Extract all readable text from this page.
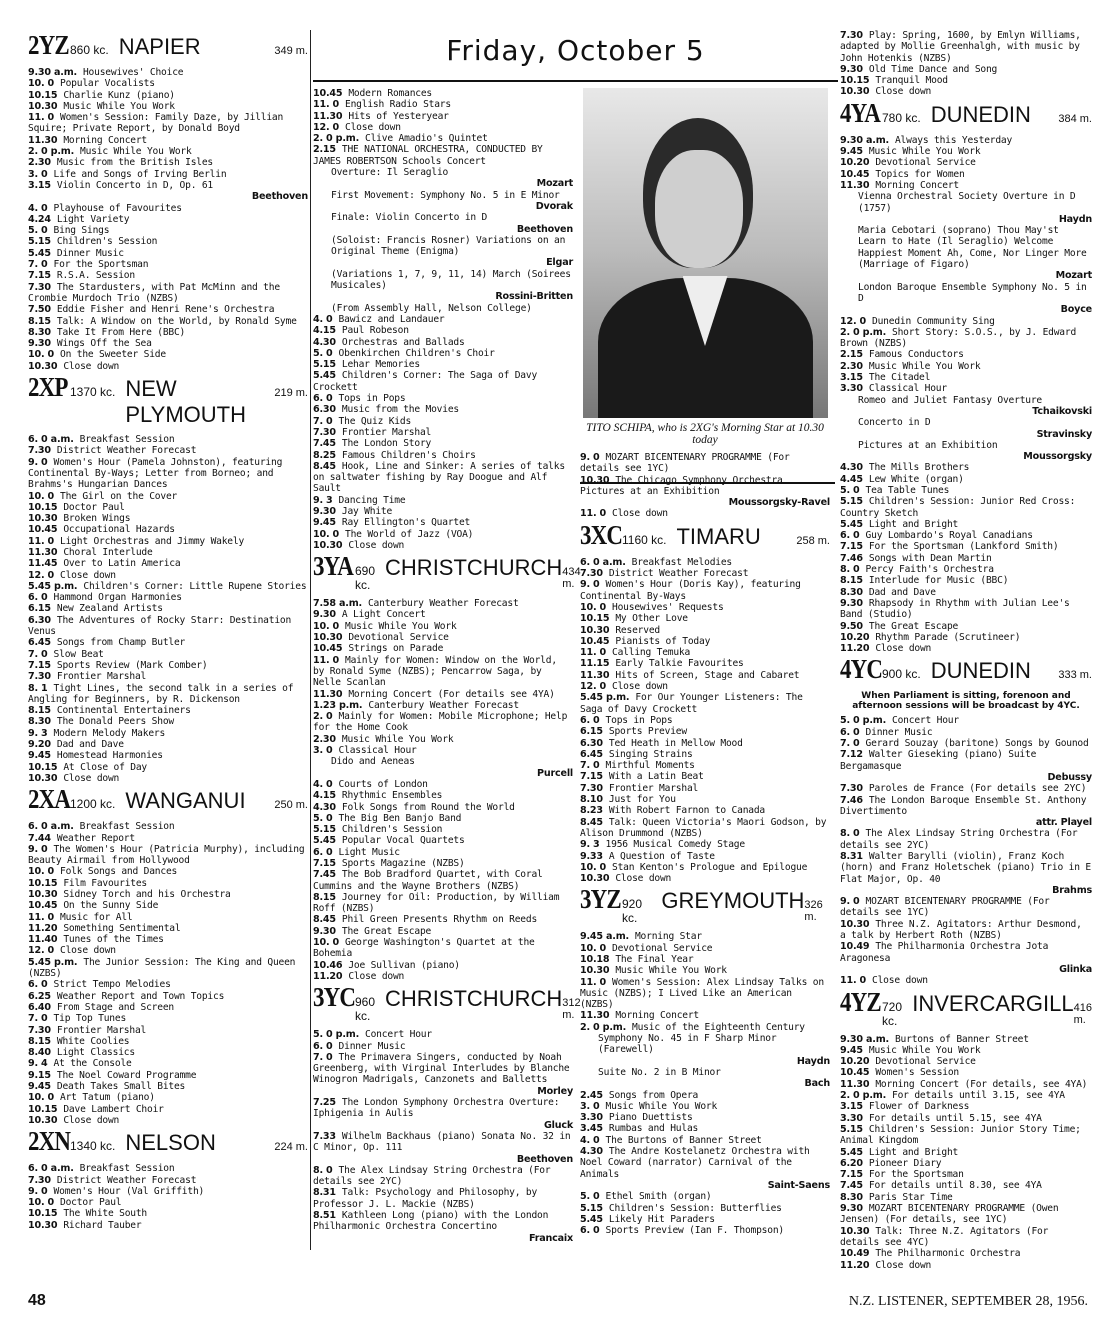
Friday, October 5
2YZ 860 kc. NAPIER	349 m.
9.30 a.m. Housewives' Choice
10. 0 Popular Vocalists
10.15 Charlie Kunz (piano)
10.30 Music While You Work
11. 0 Women's Session: Family Daze, by Jillian Squire; Private Report, by Donald Boyd
11.30 Morning Concert
2. 0 p.m. Music While You Work
2.30 Music from the British Isles
3. 0 Life and Songs of Irving Berlin
3.15 Violin Concerto in D, Op. 61
Beethoven
4. 0 Playhouse of Favourites
4.24 Light Variety
5. 0 Bing Sings
5.15 Children's Session
5.45 Dinner Music
7. 0 For the Sportsman
7.15 R.S.A. Session
7.30 The Stardusters, with Pat McMinn and the Crombie Murdoch Trio (NZBS)
7.50 Eddie Fisher and Henri Rene's Orchestra
8.15 Talk: A Window on the World, by Ronald Syme
8.30 Take It From Here (BBC)
9.30 Wings Off the Sea
10. 0 On the Sweeter Side
10.30 Close down
2XP 1370 kc. NEW PLYMOUTH
219 m.
6. 0 a.m. Breakfast Session
7.30 District Weather Forecast
9. 0 Women's Hour (Pamela Johnston), featuring Continental By-Ways; Letter from Borneo; and Brahms's Hungarian Dances
10. 0 The Girl on the Cover
10.15 Doctor Paul
10.30 Broken Wings
10.45 Occupational Hazards
11. 0 Light Orchestras and Jimmy Wakely
11.30 Choral Interlude
11.45 Over to Latin America
12. 0 Close down
5.45 p.m. Children's Corner: Little Rupene Stories
6. 0 Hammond Organ Harmonies
6.15 New Zealand Artists
6.30 The Adventures of Rocky Starr: Destination Venus
6.45 Songs from Champ Butler
7. 0 Slow Beat
7.15 Sports Review (Mark Comber)
7.30 Frontier Marshal
8. 1 Tight Lines, the second talk in a series of Angling for Beginners, by R. Dickenson
8.15 Continental Entertainers
8.30 The Donald Peers Show
9. 3 Modern Melody Makers
9.20 Dad and Dave
9.45 Homestead Harmonies
10.15 At Close of Day
10.30 Close down
2XA 1200 kc. WANGANUI	250 m.
6. 0 a.m. Breakfast Session
7.44 Weather Report
9. 0 The Women's Hour (Patricia Murphy), including Beauty Airmail from Hollywood
10. 0 Folk Songs and Dances
10.15 Film Favourites
10.30 Sidney Torch and his Orchestra
10.45 On the Sunny Side
11. 0 Music for All
11.20 Something Sentimental
11.40 Tunes of the Times
12. 0 Close down
5.45 p.m. The Junior Session: The King and Queen (NZBS)
6. 0 Strict Tempo Melodies
6.25 Weather Report and Town Topics
6.40 From Stage and Screen
7. 0 Tip Top Tunes
7.30 Frontier Marshal
8.15 White Coolies
8.40 Light Classics
9. 4 At the Console
9.15 The Noel Coward Programme
9.45 Death Takes Small Bites
10. 0 Art Tatum (piano)
10.15 Dave Lambert Choir
10.30 Close down
2XN 1340 kc. NELSON	224 m.
6. 0 a.m. Breakfast Session
7.30 District Weather Forecast
9. 0 Women's Hour (Val Griffith)
10. 0 Doctor Paul
10.15 The White South
10.30 Richard Tauber
10.45 Modern Romances
11. 0 English Radio Stars
11.30 Hits of Yesteryear
12. 0 Close down
2. 0 p.m. Clive Amadio's Quintet
2.15 THE NATIONAL ORCHESTRA, CONDUCTED BY JAMES ROBERTSON Schools Concert
Overture: Il Seraglio
Mozart
First Movement: Symphony No. 5 in E Minor
Dvorak
Finale: Violin Concerto in D
Beethoven
(Soloist: Francis Rosner) Variations on an Original Theme (Enigma)
Elgar
(Variations 1, 7, 9, 11, 14) March (Soirees Musicales)
Rossini-Britten
(From Assembly Hall, Nelson College)
4. 0 Bawicz and Landauer
4.15 Paul Robeson
4.30 Orchestras and Ballads
5. 0 Obenkirchen Children's Choir
5.15 Lehar Memories
5.45 Children's Corner: The Saga of Davy Crockett
6. 0 Tops in Pops
6.30 Music from the Movies
7. 0 The Quiz Kids
7.30 Frontier Marshal
7.45 The London Story
8.25 Famous Children's Choirs
8.45 Hook, Line and Sinker: A series of talks on saltwater fishing by Ray Doogue and Alf Sault
9. 3 Dancing Time
9.30 Jay White
9.45 Ray Ellington's Quartet
10. 0 The World of Jazz (VOA)
10.30 Close down
3YA 690 kc.
CHRISTCHURCH 434 m.
7.58 a.m. Canterbury Weather Forecast
9.30 A Light Concert
10. 0 Music While You Work
10.30 Devotional Service
10.45 Strings on Parade
11. 0 Mainly for Women: Window on the World, by Ronald Syme (NZBS); Pencarrow Saga, by Nelle Scanlan
11.30 Morning Concert (For details see 4YA)
1.23 p.m. Canterbury Weather Forecast
2. 0 Mainly for Women: Mobile Microphone; Help for the Home Cook
2.30 Music While You Work
3. 0 Classical Hour
Dido and Aeneas
Purcell
4. 0 Courts of London
4.15 Rhythmic Ensembles
4.30 Folk Songs from Round the World
5. 0 The Big Ben Banjo Band
5.15 Children's Session
5.45 Popular Vocal Quartets
6. 0 Light Music
7.15 Sports Magazine (NZBS)
7.45 The Bob Bradford Quartet, with Coral Cummins and the Wayne Brothers (NZBS)
8.15 Journey for Oil: Production, by William Roff (NZBS)
8.45 Phil Green Presents Rhythm on Reeds
9.30 The Great Escape
10. 0 George Washington's Quartet at the Bohemia
10.46 Joe Sullivan (piano)
11.20 Close down
3YC 960 kc.
CHRISTCHURCH 312 m.
5. 0 p.m. Concert Hour
6. 0 Dinner Music
7. 0 The Primavera Singers, conducted by Noah Greenberg, with Virginal Interludes by Blanche Winogron Madrigals, Canzonets and Balletts
Morley
7.25 The London Symphony Orchestra Overture: Iphigenia in Aulis
Gluck
7.33 Wilhelm Backhaus (piano) Sonata No. 32 in C Minor, Op. 111
Beethoven
8. 0 The Alex Lindsay String Orchestra (For details see 2YC)
8.31 Talk: Psychology and Philosophy, by Professor J. L. Mackie (NZBS)
8.51 Kathleen Long (piano) with the London Philharmonic Orchestra Concertino
Francaix
TITO SCHIPA, who is 2XG's Morning Star at 10.30 today
9. 0 MOZART BICENTENARY PROGRAMME (For details see 1YC)
10.30 The Chicago Symphony Orchestra Pictures at an Exhibition
Moussorgsky-Ravel
11. 0 Close down
3XC 1160 kc. TIMARU	258 m.
6. 0 a.m. Breakfast Melodies
7.30 District Weather Forecast
9. 0 Women's Hour (Doris Kay), featuring Continental By-Ways
10. 0 Housewives' Requests
10.15 My Other Love
10.30 Reserved
10.45 Pianists of Today
11. 0 Calling Temuka
11.15 Early Talkie Favourites
11.30 Hits of Screen, Stage and Cabaret
12. 0 Close down
5.45 p.m. For Our Younger Listeners: The Saga of Davy Crockett
6. 0 Tops in Pops
6.15 Sports Preview
6.30 Ted Heath in Mellow Mood
6.45 Singing Strains
7. 0 Mirthful Moments
7.15 With a Latin Beat
7.30 Frontier Marshal
8.10 Just for You
8.23 With Robert Farnon to Canada
8.45 Talk: Queen Victoria's Maori Godson, by Alison Drummond (NZBS)
9. 3 1956 Musical Comedy Stage
9.33 A Question of Taste
10. 0 Stan Kenton's Prologue and Epilogue
10.30 Close down
3YZ 920 kc.
GREYMOUTH 326 m.
9.45 a.m. Morning Star
10. 0 Devotional Service
10.18 The Final Year
10.30 Music While You Work
11. 0 Women's Session: Alex Lindsay Talks on Music (NZBS); I Lived Like an American (NZBS)
11.30 Morning Concert
2. 0 p.m. Music of the Eighteenth Century
Symphony No. 45 in F Sharp Minor (Farewell)
Haydn
Suite No. 2 in B Minor
Bach
2.45 Songs from Opera
3. 0 Music While You Work
3.30 Piano Duettists
3.45 Rumbas and Hulas
4. 0 The Burtons of Banner Street
4.30 The Andre Kostelanetz Orchestra with Noel Coward (narrator) Carnival of the Animals
Saint-Saens
5. 0 Ethel Smith (organ)
5.15 Children's Session: Butterflies
5.45 Likely Hit Paraders
6. 0 Sports Preview (Ian F. Thompson)
7.30 Play: Spring, 1600, by Emlyn Williams, adapted by Mollie Greenhalgh, with music by John Hotenkis (NZBS)
9.30 Old Time Dance and Song
10.15 Tranquil Mood
10.30 Close down
4YA 780 kc. DUNEDIN	384 m.
9.30 a.m. Always this Yesterday
9.45 Music While You Work
10.20 Devotional Service
10.45 Topics for Women
11.30 Morning Concert
Vienna Orchestral Society Overture in D (1757)
Haydn
Maria Cebotari (soprano) Thou May'st Learn to Hate (Il Seraglio) Welcome Happiest Moment Ah, Come, Nor Linger More (Marriage of Figaro)
Mozart
London Baroque Ensemble Symphony No. 5 in D
Boyce
12. 0 Dunedin Community Sing
2. 0 p.m. Short Story: S.O.S., by J. Edward Brown (NZBS)
2.15 Famous Conductors
2.30 Music While You Work
3.15 The Citadel
3.30 Classical Hour
Romeo and Juliet Fantasy Overture
Tchaikovski
Concerto in D
Stravinsky
Pictures at an Exhibition
Moussorgsky
4.30 The Mills Brothers
4.45 Lew White (organ)
5. 0 Tea Table Tunes
5.15 Children's Session: Junior Red Cross: Country Sketch
5.45 Light and Bright
6. 0 Guy Lombardo's Royal Canadians
7.15 For the Sportsman (Lankford Smith)
7.46 Songs with Dean Martin
8. 0 Percy Faith's Orchestra
8.15 Interlude for Music (BBC)
8.30 Dad and Dave
9.30 Rhapsody in Rhythm with Julian Lee's Band (Studio)
9.50 The Great Escape
10.20 Rhythm Parade (Scrutineer)
11.20 Close down
4YC 900 kc. DUNEDIN	333 m.
When Parliament is sitting, forenoon and afternoon sessions will be broadcast by 4YC.
5. 0 p.m. Concert Hour
6. 0 Dinner Music
7. 0 Gerard Souzay (baritone) Songs by Gounod
7.12 Walter Gieseking (piano) Suite Bergamasque
Debussy
7.30 Paroles de France (For details see 2YC)
7.46 The London Baroque Ensemble St. Anthony Divertimento
attr. Playel
8. 0 The Alex Lindsay String Orchestra (For details see 2YC)
8.31 Walter Barylli (violin), Franz Koch (horn) and Franz Holetschek (piano) Trio in E Flat Major, Op. 40
Brahms
9. 0 MOZART BICENTENARY PROGRAMME (For details see 1YC)
10.30 Three N.Z. Agitators: Arthur Desmond, a talk by Herbert Roth (NZBS)
10.49 The Philharmonia Orchestra Jota Aragonesa
Glinka
11. 0 Close down
4YZ 720 kc.
INVERCARGILL 416 m.
9.30 a.m. Burtons of Banner Street
9.45 Music While You Work
10.20 Devotional Service
10.45 Women's Session
11.30 Morning Concert (For details, see 4YA)
2. 0 p.m. For details until 3.15, see 4YA
3.15 Flower of Darkness
3.30 For details until 5.15, see 4YA
5.15 Children's Session: Junior Story Time; Animal Kingdom
5.45 Light and Bright
6.20 Pioneer Diary
7.15 For the Sportsman
7.45 For details until 8.30, see 4YA
8.30 Paris Star Time
9.30 MOZART BICENTENARY PROGRAMME (Owen Jensen) (For details, see 1YC)
10.30 Talk: Three N.Z. Agitators (For details see 4YC)
10.49 The Philharmonic Orchestra
11.20 Close down
48	N.Z. LISTENER, SEPTEMBER 28, 1956.
